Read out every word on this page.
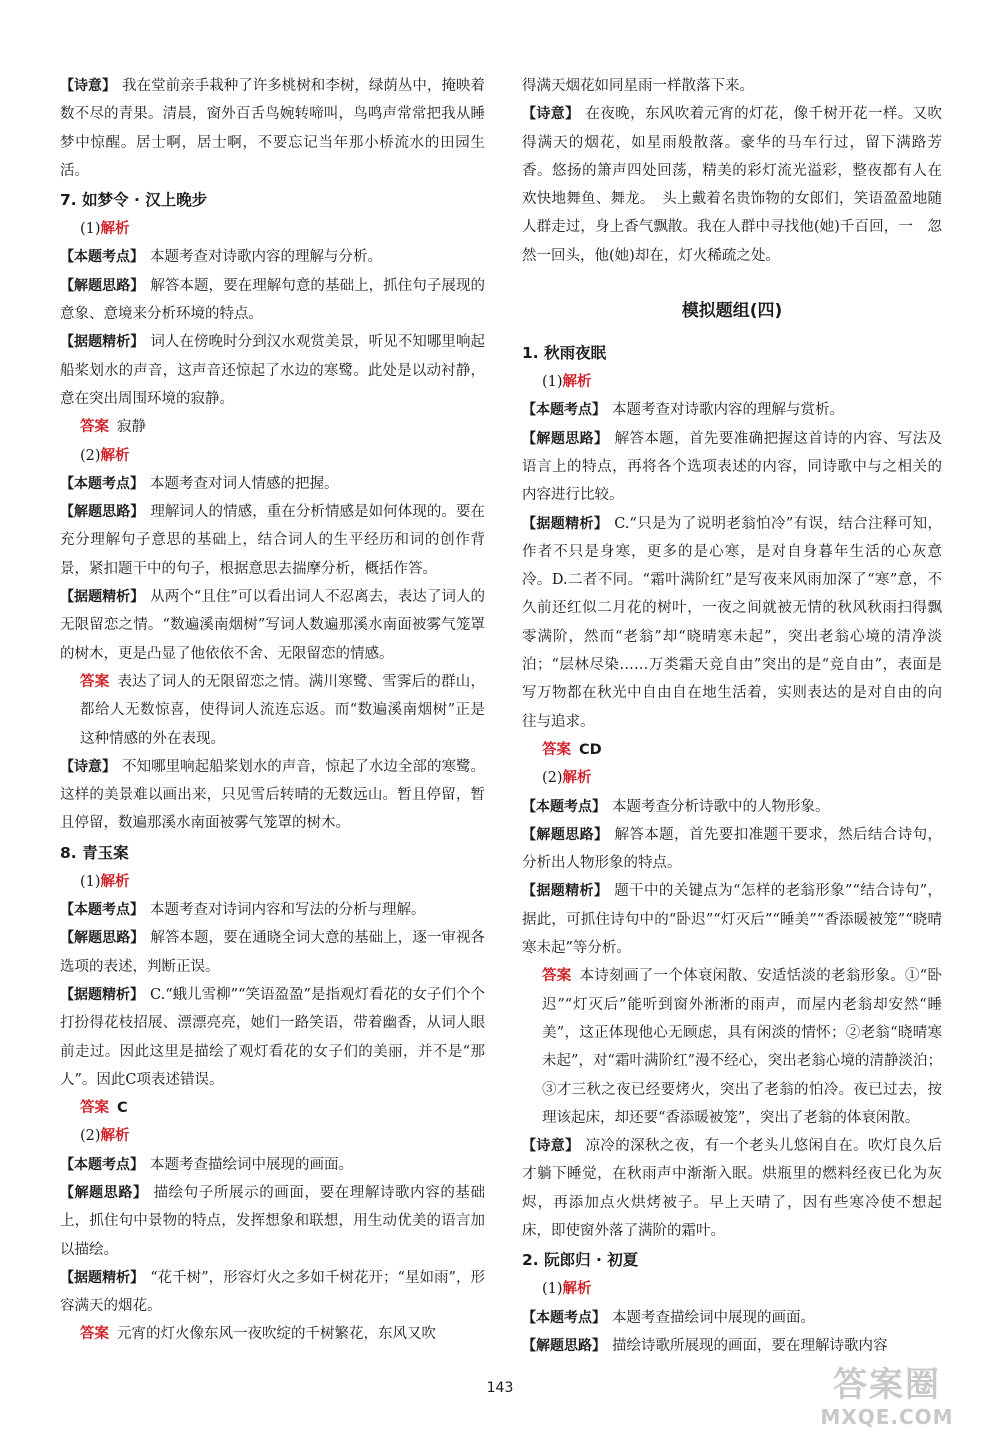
【诗意】 我在堂前亲手栽种了许多桃树和李树，绿荫丛中，掩映着数不尽的青果。清晨，窗外百舌鸟婉转啼叫，鸟鸣声常常把我从睡梦中惊醒。居士啊，居士啊，不要忘记当年那小桥流水的田园生活。

7. 如梦令 · 汉上晚步

(1)解析

【本题考点】 本题考查对诗歌内容的理解与分析。

【解题思路】 解答本题，要在理解句意的基础上，抓住句子展现的意象、意境来分析环境的特点。

【据题精析】 词人在傍晚时分到汉水观赏美景，听见不知哪里响起船桨划水的声音，这声音还惊起了水边的寒鹭。此处是以动衬静，意在突出周围环境的寂静。

答案 寂静

(2)解析

【本题考点】 本题考查对词人情感的把握。

【解题思路】 理解词人的情感，重在分析情感是如何体现的。要在充分理解句子意思的基础上，结合词人的生平经历和词的创作背景，紧扣题干中的句子，根据意思去揣摩分析，概括作答。

【据题精析】 从两个“且住”可以看出词人不忍离去，表达了词人的无限留恋之情。“数遍溪南烟树”写词人数遍那溪水南面被雾气笼罩的树木，更是凸显了他依依不舍、无限留恋的情感。

答案 表达了词人的无限留恋之情。满川寒鹭、雪霁后的群山，都给人无数惊喜，使得词人流连忘返。而“数遍溪南烟树”正是这种情感的外在表现。

【诗意】 不知哪里响起船桨划水的声音，惊起了水边全部的寒鹭。这样的美景难以画出来，只见雪后转晴的无数远山。暂且停留，暂且停留，数遍那溪水南面被雾气笼罩的树木。

8. 青玉案

(1)解析

【本题考点】 本题考查对诗词内容和写法的分析与理解。

【解题思路】 解答本题，要在通晓全词大意的基础上，逐一审视各选项的表述，判断正误。

【据题精析】 C.“蛾儿雪柳”“笑语盈盈”是指观灯看花的女子们个个打扮得花枝招展、漂漂亮亮，她们一路笑语，带着幽香，从词人眼前走过。因此这里是描绘了观灯看花的女子们的美丽，并不是“那人”。因此C项表述错误。

答案 C

(2)解析

【本题考点】 本题考查描绘词中展现的画面。

【解题思路】 描绘句子所展示的画面，要在理解诗歌内容的基础上，抓住句中景物的特点，发挥想象和联想，用生动优美的语言加以描绘。

【据题精析】 “花千树”，形容灯火之多如千树花开；“星如雨”，形容满天的烟花。

答案 元宵的灯火像东风一夜吹绽的千树繁花，东风又吹

得满天烟花如同星雨一样散落下来。

【诗意】 在夜晚，东风吹着元宵的灯花，像千树开花一样。又吹得满天的烟花，如星雨般散落。豪华的马车行过，留下满路芳香。悠扬的箫声四处回荡，精美的彩灯流光溢彩，整夜都有人在欢快地舞鱼、舞龙。　头上戴着名贵饰物的女郎们，笑语盈盈地随人群走过，身上香气飘散。我在人群中寻找他(她)千百回，一　忽然一回头，他(她)却在，灯火稀疏之处。

模拟题组(四)

1. 秋雨夜眠

(1)解析

【本题考点】 本题考查对诗歌内容的理解与赏析。

【解题思路】 解答本题，首先要准确把握这首诗的内容、写法及语言上的特点，再将各个选项表述的内容，同诗歌中与之相关的内容进行比较。

【据题精析】 C.“只是为了说明老翁怕冷”有误，结合注释可知，作者不只是身寒，更多的是心寒，是对自身暮年生活的心灰意冷。D.二者不同。“霜叶满阶红”是写夜来风雨加深了“寒”意，不久前还红似二月花的树叶，一夜之间就被无情的秋风秋雨扫得飘零满阶，然而“老翁”却“晓晴寒未起”，突出老翁心境的清净淡泊；“层林尽染……万类霜天竞自由”突出的是“竞自由”，表面是写万物都在秋光中自由自在地生活着，实则表达的是对自由的向往与追求。

答案 CD

(2)解析

【本题考点】 本题考查分析诗歌中的人物形象。

【解题思路】 解答本题，首先要扣准题干要求，然后结合诗句，分析出人物形象的特点。

【据题精析】 题干中的关键点为“怎样的老翁形象”“结合诗句”，据此，可抓住诗句中的“卧迟”“灯灭后”“睡美”“香添暖被笼”“晓晴寒未起”等分析。

答案 本诗刻画了一个体衰闲散、安适恬淡的老翁形象。①“卧迟”“灯灭后”能听到窗外淅淅的雨声，而屋内老翁却安然“睡美”，这正体现他心无顾虑，具有闲淡的情怀；②老翁“晓晴寒未起”，对“霜叶满阶红”漫不经心，突出老翁心境的清静淡泊；③才三秋之夜已经要烤火，突出了老翁的怕冷。夜已过去，按理该起床，却还要“香添暖被笼”，突出了老翁的体衰闲散。

【诗意】 凉冷的深秋之夜，有一个老头儿悠闲自在。吹灯良久后才躺下睡觉，在秋雨声中渐渐入眠。烘瓶里的燃料经夜已化为灰烬，再添加点火烘烤被子。早上天晴了，因有些寒冷使不想起床，即使窗外落了满阶的霜叶。

2. 阮郎归 · 初夏

(1)解析

【本题考点】 本题考查描绘词中展现的画面。

【解题思路】 描绘诗歌所展现的画面，要在理解诗歌内容

143	答案圈
MXQE.COM
